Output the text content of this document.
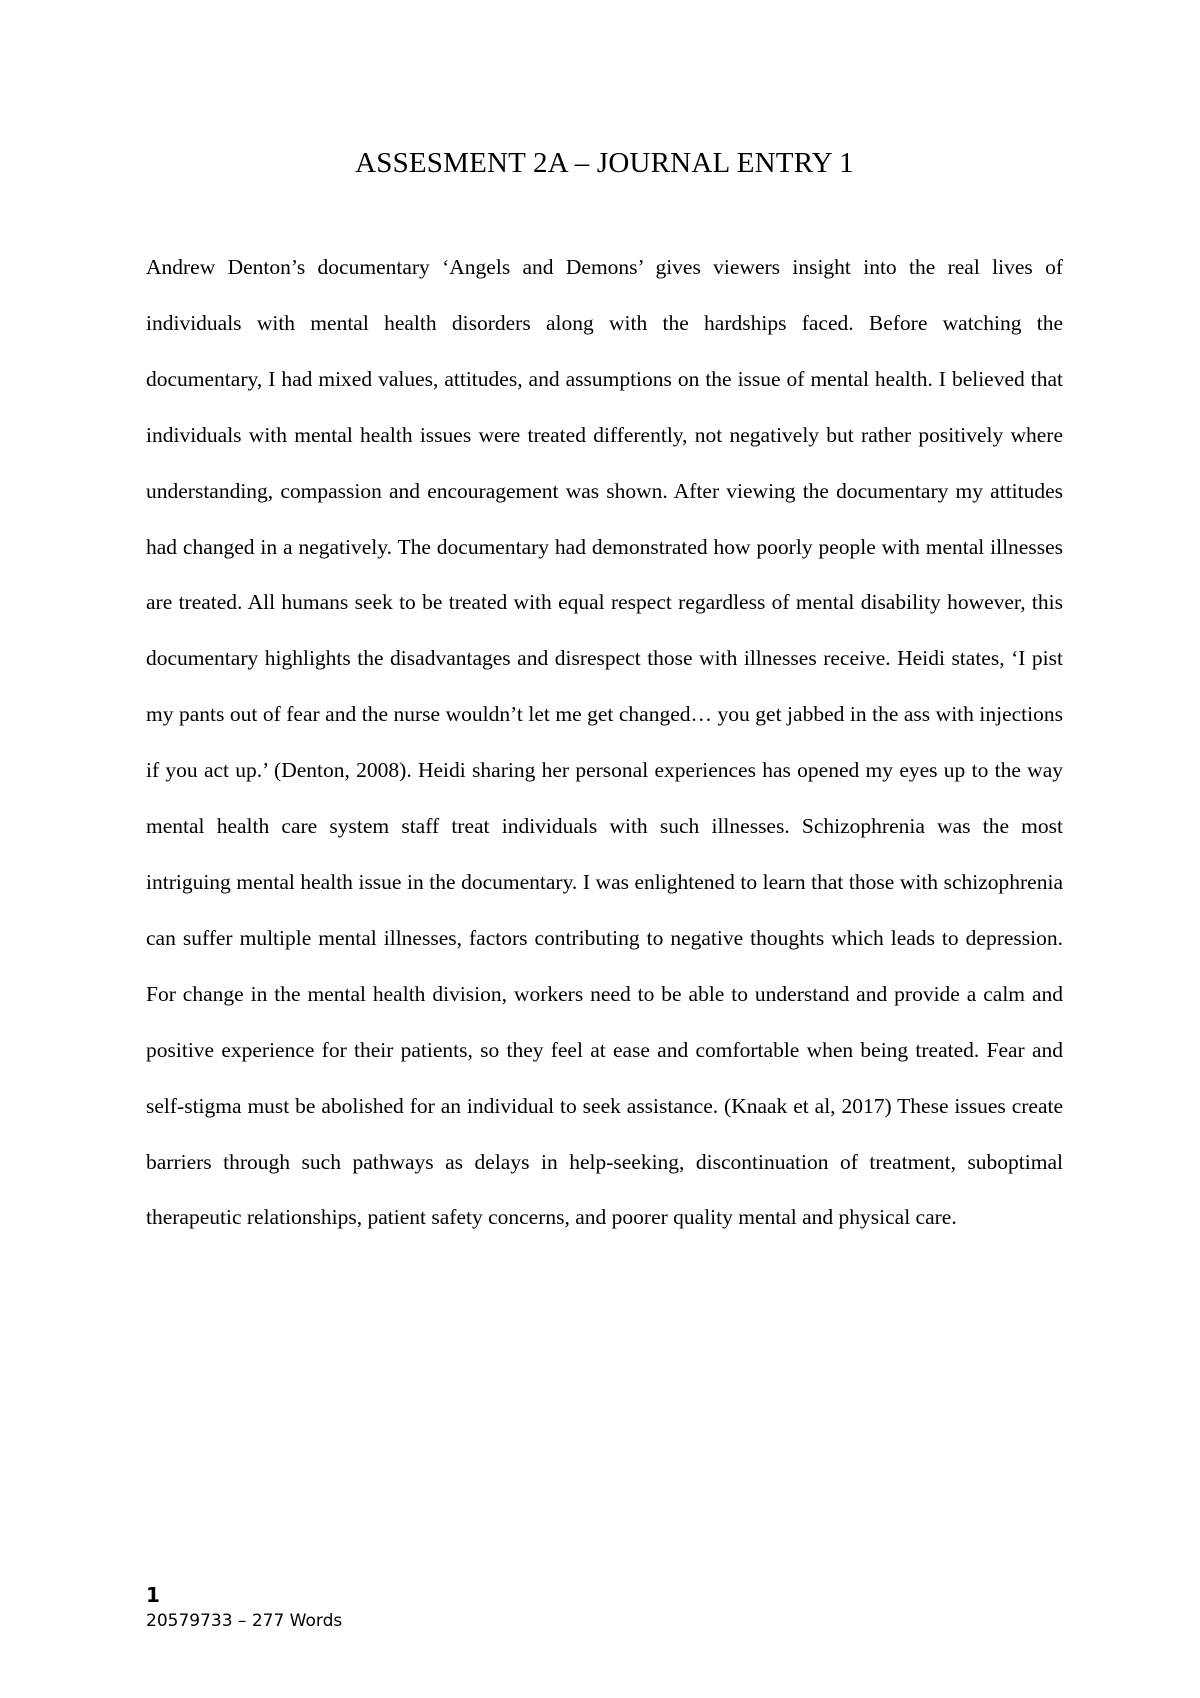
ASSESMENT 2A – JOURNAL ENTRY 1

Andrew Denton’s documentary ‘Angels and Demons’ gives viewers insight into the real lives of individuals with mental health disorders along with the hardships faced. Before watching the documentary, I had mixed values, attitudes, and assumptions on the issue of mental health. I believed that individuals with mental health issues were treated differently, not negatively but rather positively where understanding, compassion and encouragement was shown. After viewing the documentary my attitudes had changed in a negatively. The documentary had demonstrated how poorly people with mental illnesses are treated. All humans seek to be treated with equal respect regardless of mental disability however, this documentary highlights the disadvantages and disrespect those with illnesses receive. Heidi states, ‘I pist my pants out of fear and the nurse wouldn’t let me get changed… you get jabbed in the ass with injections if you act up.’ (Denton, 2008). Heidi sharing her personal experiences has opened my eyes up to the way mental health care system staff treat individuals with such illnesses. Schizophrenia was the most intriguing mental health issue in the documentary. I was enlightened to learn that those with schizophrenia can suffer multiple mental illnesses, factors contributing to negative thoughts which leads to depression. For change in the mental health division, workers need to be able to understand and provide a calm and positive experience for their patients, so they feel at ease and comfortable when being treated. Fear and self-stigma must be abolished for an individual to seek assistance. (Knaak et al, 2017) These issues create barriers through such pathways as delays in help-seeking, discontinuation of treatment, suboptimal therapeutic relationships, patient safety concerns, and poorer quality mental and physical care.

1
20579733 – 277 Words
